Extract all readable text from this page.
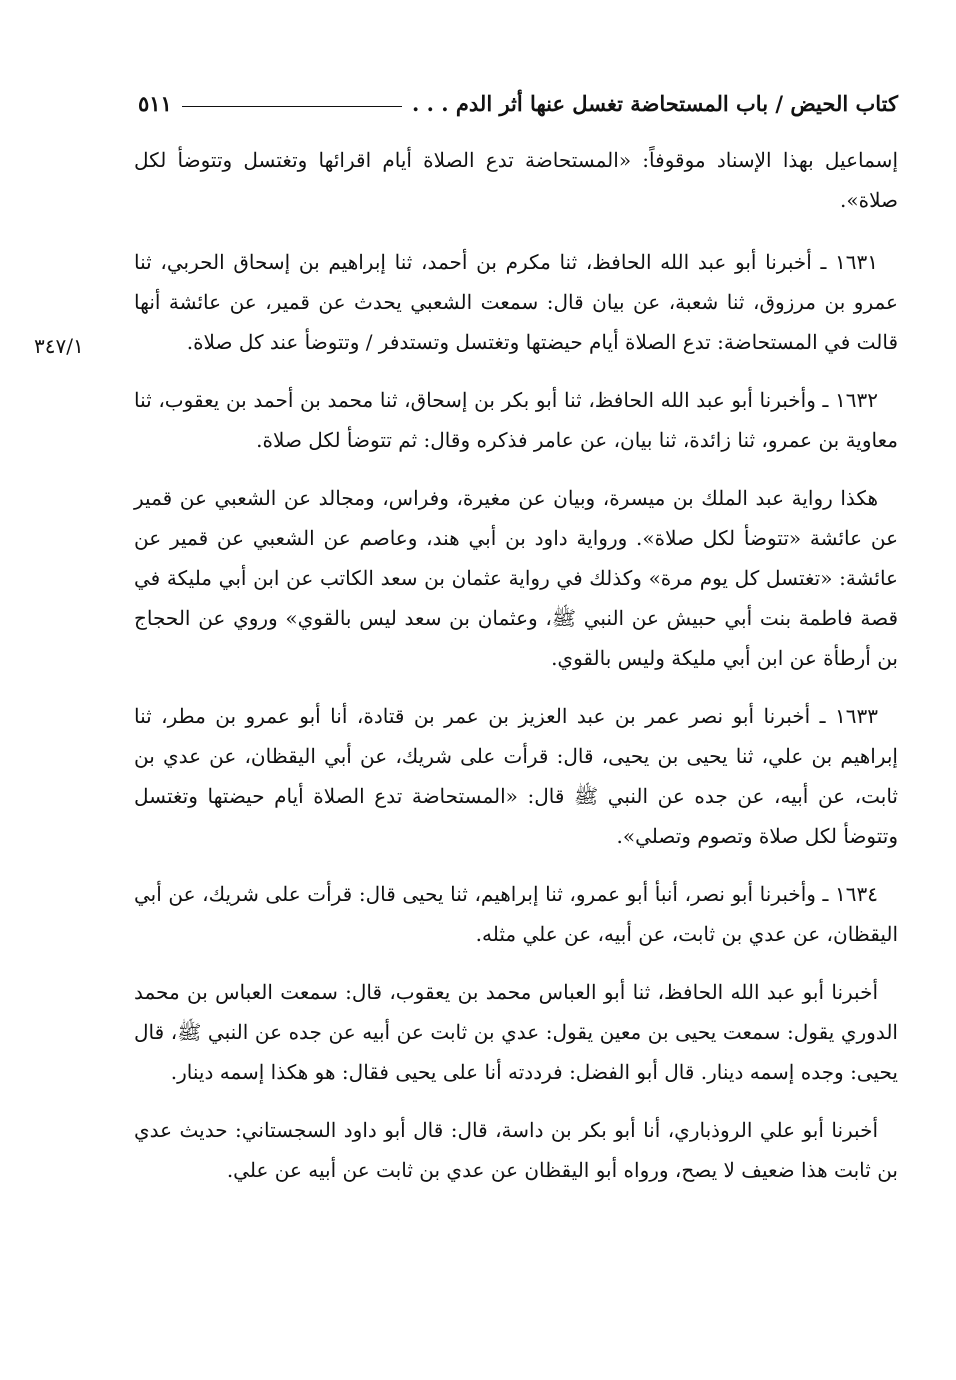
كتاب الحيض / باب المستحاضة تغسل عنها أثر الدم . . .
٥١١
٣٤٧/١

إسماعيل بهذا الإسناد موقوفاً: «المستحاضة تدع الصلاة أيام اقرائها وتغتسل وتتوضأ لكل صلاة».

١٦٣١ ـ أخبرنا أبو عبد الله الحافظ، ثنا مكرم بن أحمد، ثنا إبراهيم بن إسحاق الحربي، ثنا عمرو بن مرزوق، ثنا شعبة، عن بيان قال: سمعت الشعبي يحدث عن قمير، عن عائشة أنها قالت في المستحاضة: تدع الصلاة أيام حيضتها وتغتسل وتستدفر / وتتوضأ عند كل صلاة.

١٦٣٢ ـ وأخبرنا أبو عبد الله الحافظ، ثنا أبو بكر بن إسحاق، ثنا محمد بن أحمد بن يعقوب، ثنا معاوية بن عمرو، ثنا زائدة، ثنا بيان، عن عامر فذكره وقال: ثم تتوضأ لكل صلاة.

هكذا رواية عبد الملك بن ميسرة، وبيان عن مغيرة، وفراس، ومجالد عن الشعبي عن قمير عن عائشة «تتوضأ لكل صلاة». ورواية داود بن أبي هند، وعاصم عن الشعبي عن قمير عن عائشة: «تغتسل كل يوم مرة» وكذلك في رواية عثمان بن سعد الكاتب عن ابن أبي مليكة في قصة فاطمة بنت أبي حبيش عن النبي ﷺ، وعثمان بن سعد ليس بالقوي» وروي عن الحجاج بن أرطأة عن ابن أبي مليكة وليس بالقوي.

١٦٣٣ ـ أخبرنا أبو نصر عمر بن عبد العزيز بن عمر بن قتادة، أنا أبو عمرو بن مطر، ثنا إبراهيم بن علي، ثنا يحيى بن يحيى، قال: قرأت على شريك، عن أبي اليقظان، عن عدي بن ثابت، عن أبيه، عن جده عن النبي ﷺ قال: «المستحاضة تدع الصلاة أيام حيضتها وتغتسل وتتوضأ لكل صلاة وتصوم وتصلي».

١٦٣٤ ـ وأخبرنا أبو نصر، أنبأ أبو عمرو، ثنا إبراهيم، ثنا يحيى قال: قرأت على شريك، عن أبي اليقظان، عن عدي بن ثابت، عن أبيه، عن علي مثله.

أخبرنا أبو عبد الله الحافظ، ثنا أبو العباس محمد بن يعقوب، قال: سمعت العباس بن محمد الدوري يقول: سمعت يحيى بن معين يقول: عدي بن ثابت عن أبيه عن جده عن النبي ﷺ، قال يحيى: وجده إسمه دينار. قال أبو الفضل: فرددته أنا على يحيى فقال: هو هكذا إسمه دينار.

أخبرنا أبو علي الروذباري، أنا أبو بكر بن داسة، قال: قال أبو داود السجستاني: حديث عدي بن ثابت هذا ضعيف لا يصح، ورواه أبو اليقظان عن عدي بن ثابت عن أبيه عن علي.
